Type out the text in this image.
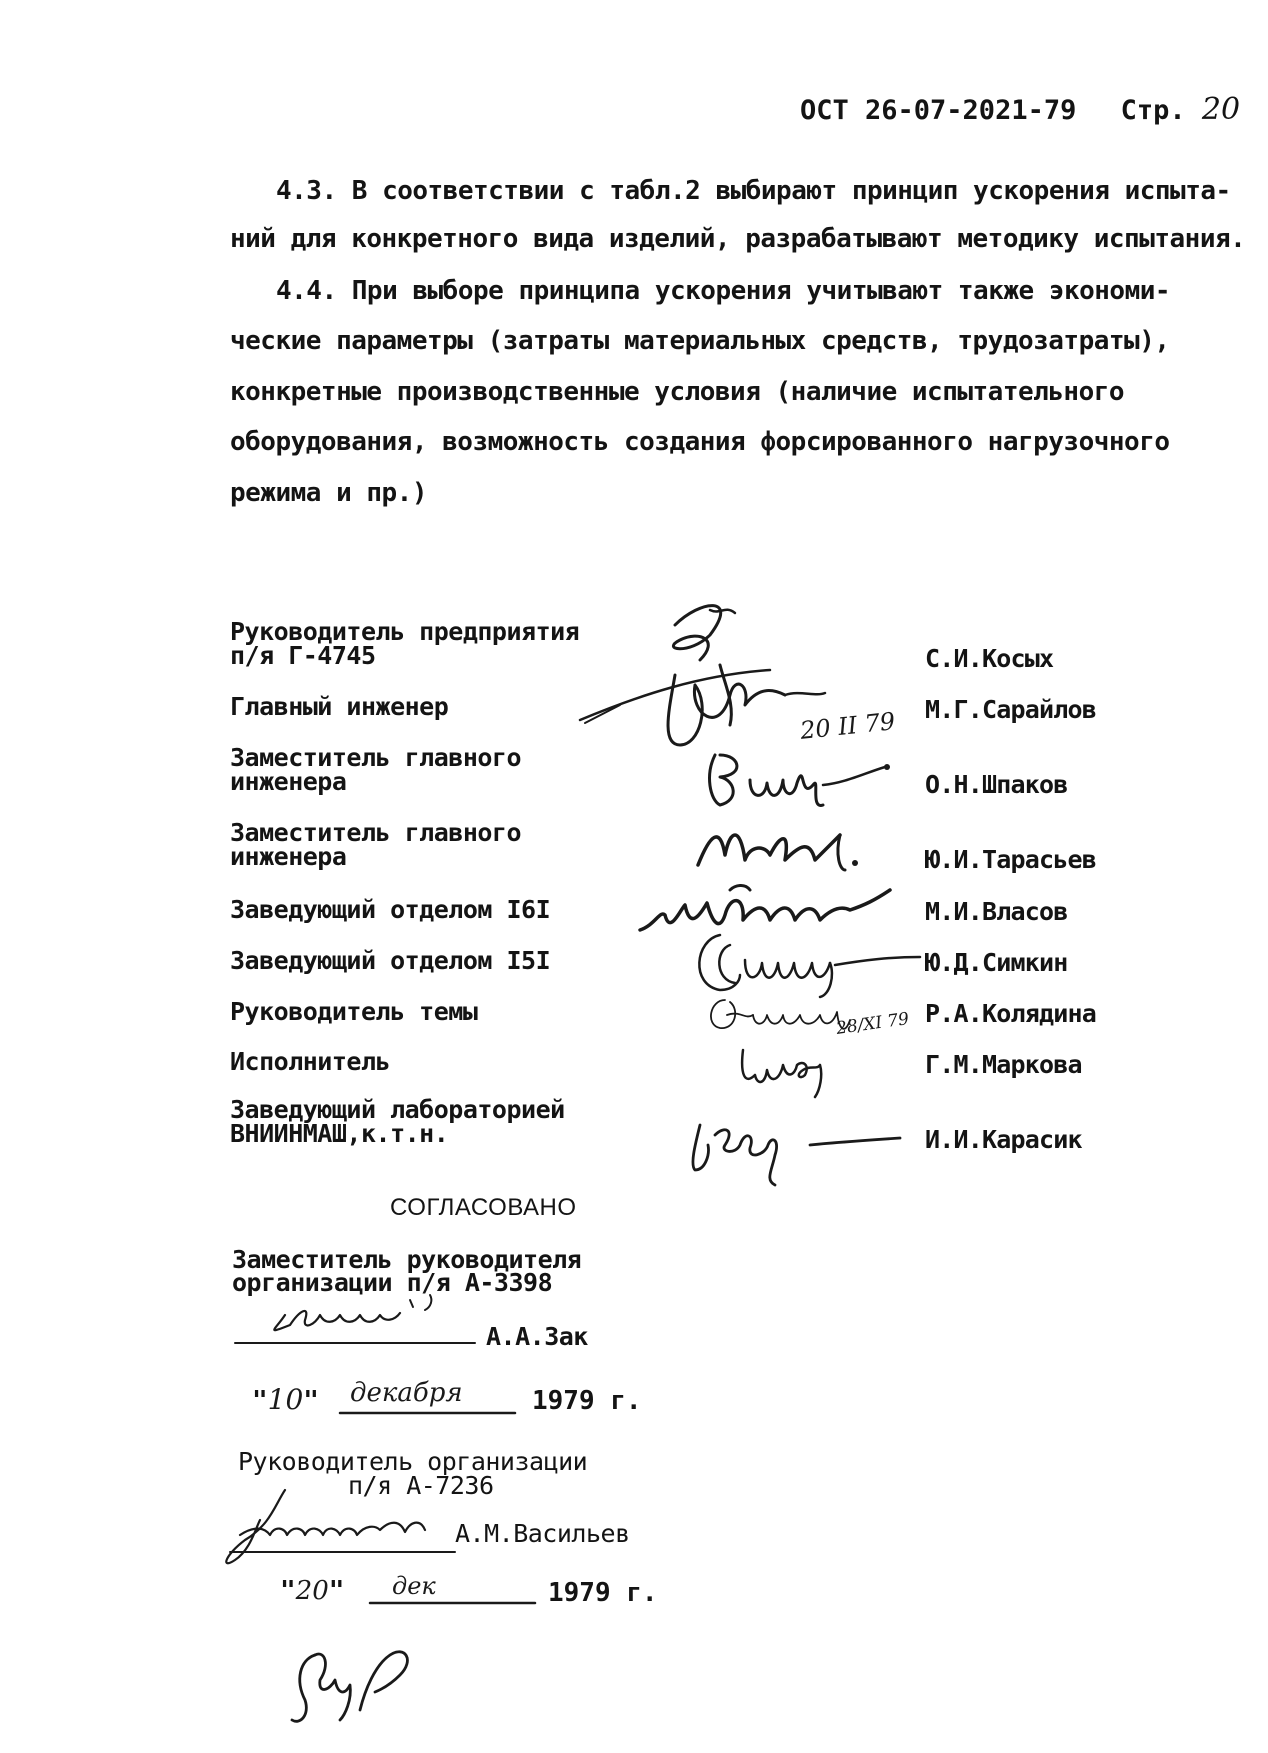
ОСТ 26-07-2021-79 Стр. 20
4.3. В соответствии с табл.2 выбирают принцип ускорения испыта-
ний для конкретного вида изделий, разрабатывают методику испытания.
4.4. При выборе принципа ускорения учитывают также экономи-
ческие параметры (затраты материальных средств, трудозатраты),
конкретные производственные условия (наличие испытательного
оборудования, возможность создания форсированного нагрузочного
режима и пр.)
Руководитель предприятия
п/я Г-4745
Главный инженер
Заместитель главного
инженера
Заместитель главного
инженера
Заведующий отделом I6I
Заведующий отделом I5I
Руководитель темы
Исполнитель
Заведующий лабораторией
ВНИИНМАШ,к.т.н.
С.И.Косых
М.Г.Сарайлов
О.Н.Шпаков
Ю.И.Тарасьев
М.И.Власов
Ю.Д.Симкин
Р.А.Колядина
Г.М.Маркова
И.И.Карасик
20 II 79
28/XI 79
СОГЛАСОВАНО
Заместитель руководителя
организации п/я А-3398
А.А.Зак
"10" декабря	1979 г.
Руководитель организации
п/я А-7236
А.М.Васильев
"20" дек	1979 г.
